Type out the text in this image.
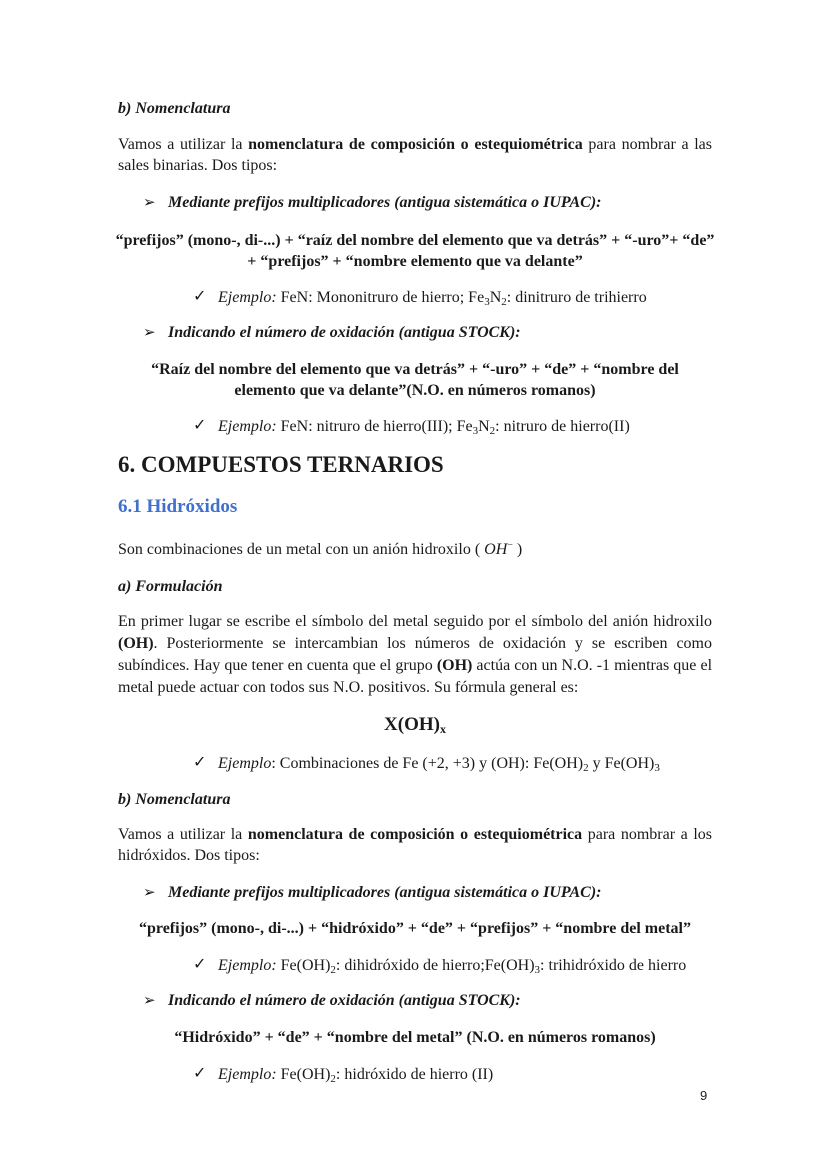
b) Nomenclatura
Vamos a utilizar la nomenclatura de composición o estequiométrica para nombrar a las sales binarias. Dos tipos:
➢ Mediante prefijos multiplicadores (antigua sistemática o IUPAC):
“prefijos” (mono-, di-...) + “raíz del nombre del elemento que va detrás” + “-uro”+ “de” + “prefijos” + “nombre elemento que va delante”
✓ Ejemplo: FeN: Mononitruro de hierro; $Fe_3N_2$: dinitruro de trihierro
➢ Indicando el número de oxidación (antigua STOCK):
“Raíz del nombre del elemento que va detrás” + “-uro” + “de” + “nombre del elemento que va delante”(N.O. en números romanos)
✓ Ejemplo: FeN: nitruro de hierro(III); $Fe_3N_2$: nitruro de hierro(II)
6. COMPUESTOS TERNARIOS
6.1 Hidróxidos
Son combinaciones de un metal con un anión hidroxilo ( OH− )
a) Formulación
En primer lugar se escribe el símbolo del metal seguido por el símbolo del anión hidroxilo (OH). Posteriormente se intercambian los números de oxidación y se escriben como subíndices. Hay que tener en cuenta que el grupo (OH) actúa con un N.O. -1 mientras que el metal puede actuar con todos sus N.O. positivos. Su fórmula general es:
$X(OH)_x$
✓ Ejemplo: Combinaciones de Fe (+2, +3) y (OH): $Fe(OH)_2$ y $Fe(OH)_3$
b) Nomenclatura
Vamos a utilizar la nomenclatura de composición o estequiométrica para nombrar a los hidróxidos. Dos tipos:
➢ Mediante prefijos multiplicadores (antigua sistemática o IUPAC):
“prefijos” (mono-, di-...) + “hidróxido” + “de” + “prefijos” + “nombre del metal”
✓ Ejemplo: $Fe(OH)_2$: dihidróxido de $hierro;Fe(OH)_3$: trihidróxido de hierro
➢ Indicando el número de oxidación (antigua STOCK):
“Hidróxido” + “de” + “nombre del metal” (N.O. en números romanos)
✓ Ejemplo: $Fe(OH)_2$: hidróxido de hierro (II)
9
